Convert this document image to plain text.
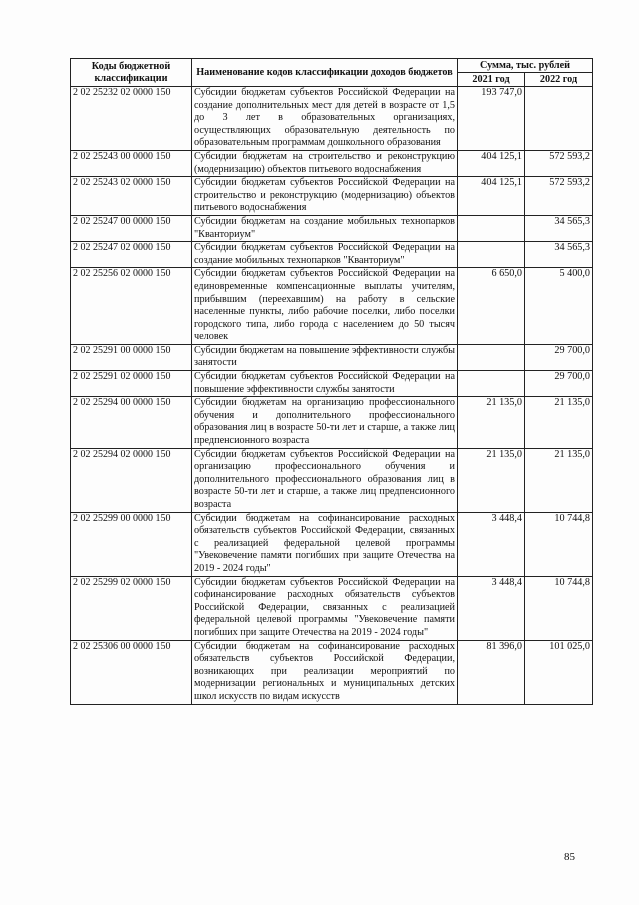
Коды бюджетной классификации	Наименование кодов классификации доходов бюджетов	Сумма, тыс. рублей	
		2021 год	2022 год
2 02 25232 02 0000 150	Субсидии бюджетам субъектов Российской Федерации на создание дополнительных мест для детей в возрасте от 1,5 до 3 лет в образовательных организациях, осуществляющих образовательную деятельность по образовательным программам дошкольного образования	193 747,0	
2 02 25243 00 0000 150	Субсидии бюджетам на строительство и реконструкцию (модернизацию) объектов питьевого водоснабжения	404 125,1	572 593,2
2 02 25243 02 0000 150	Субсидии бюджетам субъектов Российской Федерации на строительство и реконструкцию (модернизацию) объектов питьевого водоснабжения	404 125,1	572 593,2
2 02 25247 00 0000 150	Субсидии бюджетам на создание мобильных технопарков "Кванториум"		34 565,3
2 02 25247 02 0000 150	Субсидии бюджетам субъектов Российской Федерации на создание мобильных технопарков "Кванториум"		34 565,3
2 02 25256 02 0000 150	Субсидии бюджетам субъектов Российской Федерации на единовременные компенсационные выплаты учителям, прибывшим (переехавшим) на работу в сельские населенные пункты, либо рабочие поселки, либо поселки городского типа, либо города с населением до 50 тысяч человек	6 650,0	5 400,0
2 02 25291 00 0000 150	Субсидии бюджетам на повышение эффективности службы занятости		29 700,0
2 02 25291 02 0000 150	Субсидии бюджетам субъектов Российской Федерации на повышение эффективности службы занятости		29 700,0
2 02 25294 00 0000 150	Субсидии бюджетам на организацию профессионального обучения и дополнительного профессионального образования лиц в возрасте 50-ти лет и старше, а также лиц предпенсионного возраста	21 135,0	21 135,0
2 02 25294 02 0000 150	Субсидии бюджетам субъектов Российской Федерации на организацию профессионального обучения и дополнительного профессионального образования лиц в возрасте 50-ти лет и старше, а также лиц предпенсионного возраста	21 135,0	21 135,0
2 02 25299 00 0000 150	Субсидии бюджетам на софинансирование расходных обязательств субъектов Российской Федерации, связанных с реализацией федеральной целевой программы "Увековечение памяти погибших при защите Отечества на 2019 - 2024 годы"	3 448,4	10 744,8
2 02 25299 02 0000 150	Субсидии бюджетам субъектов Российской Федерации на софинансирование расходных обязательств субъектов Российской Федерации, связанных с реализацией федеральной целевой программы "Увековечение памяти погибших при защите Отечества на 2019 - 2024 годы"	3 448,4	10 744,8
2 02 25306 00 0000 150	Субсидии бюджетам на софинансирование расходных обязательств субъектов Российской Федерации, возникающих при реализации мероприятий по модернизации региональных и муниципальных детских школ искусств по видам искусств	81 396,0	101 025,0
85
